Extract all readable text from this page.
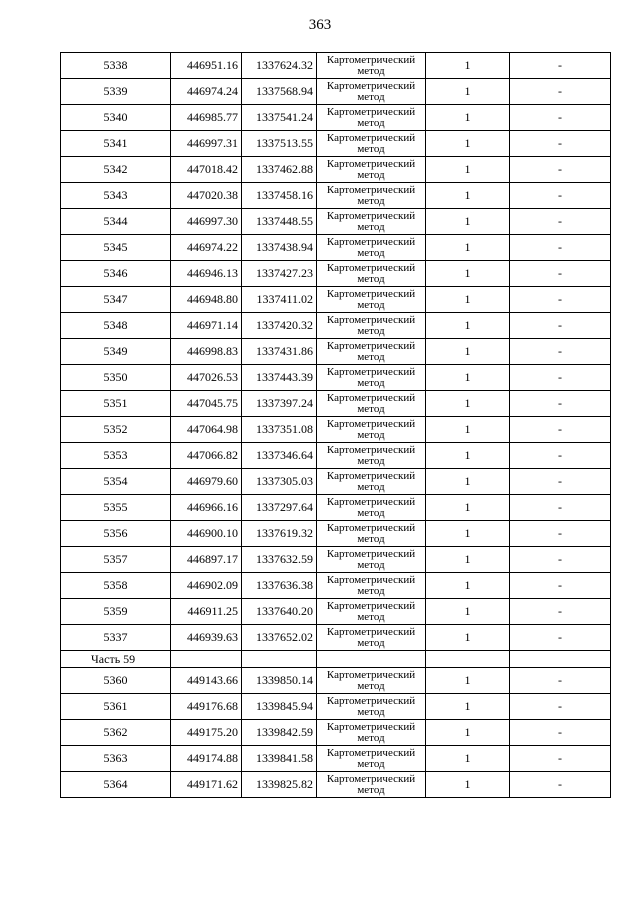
363
5338	446951.16	1337624.32	Картометрический метод	1	-
5339	446974.24	1337568.94	Картометрический метод	1	-
5340	446985.77	1337541.24	Картометрический метод	1	-
5341	446997.31	1337513.55	Картометрический метод	1	-
5342	447018.42	1337462.88	Картометрический метод	1	-
5343	447020.38	1337458.16	Картометрический метод	1	-
5344	446997.30	1337448.55	Картометрический метод	1	-
5345	446974.22	1337438.94	Картометрический метод	1	-
5346	446946.13	1337427.23	Картометрический метод	1	-
5347	446948.80	1337411.02	Картометрический метод	1	-
5348	446971.14	1337420.32	Картометрический метод	1	-
5349	446998.83	1337431.86	Картометрический метод	1	-
5350	447026.53	1337443.39	Картометрический метод	1	-
5351	447045.75	1337397.24	Картометрический метод	1	-
5352	447064.98	1337351.08	Картометрический метод	1	-
5353	447066.82	1337346.64	Картометрический метод	1	-
5354	446979.60	1337305.03	Картометрический метод	1	-
5355	446966.16	1337297.64	Картометрический метод	1	-
5356	446900.10	1337619.32	Картометрический метод	1	-
5357	446897.17	1337632.59	Картометрический метод	1	-
5358	446902.09	1337636.38	Картометрический метод	1	-
5359	446911.25	1337640.20	Картометрический метод	1	-
5337	446939.63	1337652.02	Картометрический метод	1	-
Часть 59					
5360	449143.66	1339850.14	Картометрический метод	1	-
5361	449176.68	1339845.94	Картометрический метод	1	-
5362	449175.20	1339842.59	Картометрический метод	1	-
5363	449174.88	1339841.58	Картометрический метод	1	-
5364	449171.62	1339825.82	Картометрический метод	1	-
